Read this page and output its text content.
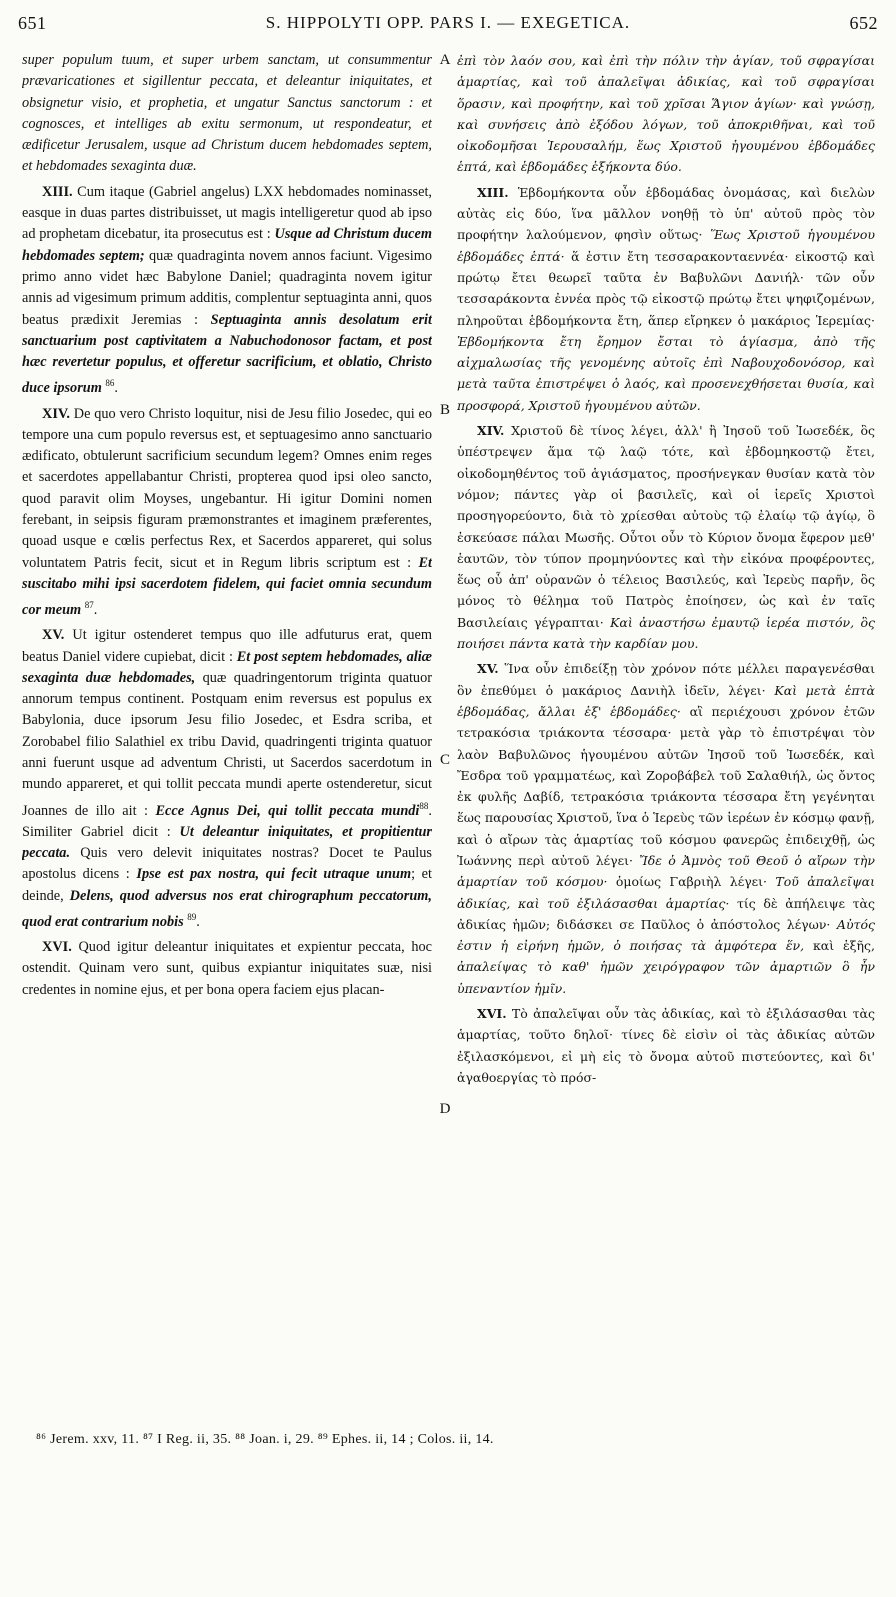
651	S. HIPPOLYTI OPP. PARS I. — EXEGETICA.	652

super populum tuum, et super urbem sanctam, ut consummentur prævaricationes et sigillentur peccata, et deleantur iniquitates, et obsignetur visio, et prophetia, et ungatur Sanctus sanctorum : et cognosces, et intelliges ab exitu sermonum, ut respondeatur, et ædificetur Jerusalem, usque ad Christum ducem hebdomades septem, et hebdomades sexaginta duæ.

XIII. Cum itaque (Gabriel angelus) LXX hebdomades nominasset, easque in duas partes distribuisset, ut magis intelligeretur quod ab ipso ad prophetam dicebatur, ita prosecutus est : Usque ad Christum ducem hebdomades septem; quæ quadraginta novem annos faciunt. Vigesimo primo anno videt hæc Babylone Daniel; quadraginta novem igitur annis ad vigesimum primum additis, complentur septuaginta anni, quos beatus prædixit Jeremias : Septuaginta annis desolatum erit sanctuarium post captivitatem a Nabuchodonosor factam, et post hæc revertetur populus, et offeretur sacrificium, et oblatio, Christo duce ipsorum $^{86}$.

XIV. De quo vero Christo loquitur, nisi de Jesu filio Josedec, qui eo tempore una cum populo reversus est, et septuagesimo anno sanctuario ædificato, obtulerunt sacrificium secundum legem? Omnes enim reges et sacerdotes appellabantur Christi, propterea quod ipsi oleo sancto, quod paravit olim Moyses, ungebantur. Hi igitur Domini nomen ferebant, in seipsis figuram præmonstrantes et imaginem præferentes, quoad usque e cœlis perfectus Rex, et Sacerdos appareret, qui solus voluntatem Patris fecit, sicut et in Regum libris scriptum est : Et suscitabo mihi ipsi sacerdotem fidelem, qui faciet omnia secundum cor meum $^{87}$.

XV. Ut igitur ostenderet tempus quo ille adfuturus erat, quem beatus Daniel videre cupiebat, dicit : Et post septem hebdomades, aliæ sexaginta duæ hebdomades, quæ quadringentorum triginta quatuor annorum tempus continent. Postquam enim reversus est populus ex Babylonia, duce ipsorum Jesu filio Josedec, et Esdra scriba, et Zorobabel filio Salathiel ex tribu David, quadringenti triginta quatuor anni fuerunt usque ad adventum Christi, ut Sacerdos sacerdotum in mundo appareret, et qui tollit peccata mundi aperte ostenderetur, sicut Joannes de illo ait : Ecce Agnus Dei, qui tollit peccata mundi$^{88}$. Similiter Gabriel dicit : Ut deleantur iniquitates, et propitientur peccata. Quis vero delevit iniquitates nostras? Docet te Paulus apostolus dicens : Ipse est pax nostra, qui fecit utraque unum; et deinde, Delens, quod adversus nos erat chirographum peccatorum, quod erat contrarium nobis $^{89}$.

XVI. Quod igitur deleantur iniquitates et expientur peccata, hoc ostendit. Quinam vero sunt, quibus expiantur iniquitates suæ, nisi credentes in nomine ejus, et per bona opera faciem ejus placan-

A
B
C
D

ἐπὶ τὸν λαόν σου, καὶ ἐπὶ τὴν πόλιν τὴν ἁγίαν, τοῦ σφραγίσαι ἁμαρτίας, καὶ τοῦ ἀπαλεῖψαι ἀδικίας, καὶ τοῦ σφραγίσαι ὅρασιν, καὶ προφήτην, καὶ τοῦ χρῖσαι Ἅγιον ἁγίων· καὶ γνώσῃ, καὶ συνήσεις ἀπὸ ἐξόδου λόγων, τοῦ ἀποκριθῆναι, καὶ τοῦ οἰκοδομῆσαι Ἱερουσαλήμ, ἕως Χριστοῦ ἡγουμένου ἑβδομάδες ἑπτά, καὶ ἑβδομάδες ἑξήκοντα δύο.

XIII. Ἑβδομήκοντα οὖν ἑβδομάδας ὀνομάσας, καὶ διελὼν αὐτὰς εἰς δύο, ἵνα μᾶλλον νοηθῇ τὸ ὑπ' αὐτοῦ πρὸς τὸν προφήτην λαλούμενον, φησὶν οὕτως· Ἕως Χριστοῦ ἡγουμένου ἑβδομάδες ἑπτά· ἅ ἐστιν ἔτη τεσσαρακονταεννέα· εἰκοστῷ καὶ πρώτῳ ἔτει θεωρεῖ ταῦτα ἐν Βαβυλῶνι Δανιήλ· τῶν οὖν τεσσαράκοντα ἐννέα πρὸς τῷ εἰκοστῷ πρώτῳ ἔτει ψηφιζομένων, πληροῦται ἑβδομήκοντα ἔτη, ἅπερ εἴρηκεν ὁ μακάριος Ἱερεμίας· Ἑβδομήκοντα ἔτη ἔρημον ἔσται τὸ ἁγίασμα, ἀπὸ τῆς αἰχμαλωσίας τῆς γενομένης αὐτοῖς ἐπὶ Ναβουχοδονόσορ, καὶ μετὰ ταῦτα ἐπιστρέψει ὁ λαός, καὶ προσενεχθήσεται θυσία, καὶ προσφορά, Χριστοῦ ἡγουμένου αὐτῶν.

XIV. Χριστοῦ δὲ τίνος λέγει, ἀλλ' ἢ Ἰησοῦ τοῦ Ἰωσεδέκ, ὃς ὑπέστρεψεν ἅμα τῷ λαῷ τότε, καὶ ἑβδομηκοστῷ ἔτει, οἰκοδομηθέντος τοῦ ἁγιάσματος, προσήνεγκαν θυσίαν κατὰ τὸν νόμον; πάντες γὰρ οἱ βασιλεῖς, καὶ οἱ ἱερεῖς Χριστοὶ προσηγορεύοντο, διὰ τὸ χρίεσθαι αὐτοὺς τῷ ἐλαίῳ τῷ ἁγίῳ, ὃ ἐσκεύασε πάλαι Μωσῆς. Οὗτοι οὖν τὸ Κύριον ὄνομα ἔφερον μεθ' ἑαυτῶν, τὸν τύπον προμηνύοντες καὶ τὴν εἰκόνα προφέροντες, ἕως οὗ ἀπ' οὐρανῶν ὁ τέλειος Βασιλεύς, καὶ Ἱερεὺς παρῆν, ὃς μόνος τὸ θέλημα τοῦ Πατρὸς ἐποίησεν, ὡς καὶ ἐν ταῖς Βασιλείαις γέγραπται· Καὶ ἀναστήσω ἐμαυτῷ ἱερέα πιστόν, ὃς ποιήσει πάντα κατὰ τὴν καρδίαν μου.

XV. Ἵνα οὖν ἐπιδείξῃ τὸν χρόνον πότε μέλλει παραγενέσθαι ὃν ἐπεθύμει ὁ μακάριος Δανιὴλ ἰδεῖν, λέγει· Καὶ μετὰ ἑπτὰ ἑβδομάδας, ἄλλαι ἑξ' ἑβδομάδες· αἳ περιέχουσι χρόνον ἐτῶν τετρακόσια τριάκοντα τέσσαρα· μετὰ γὰρ τὸ ἐπιστρέψαι τὸν λαὸν Βαβυλῶνος ἡγουμένου αὐτῶν Ἰησοῦ τοῦ Ἰωσεδέκ, καὶ Ἔσδρα τοῦ γραμματέως, καὶ Ζοροβάβελ τοῦ Σαλαθιήλ, ὡς ὄντος ἐκ φυλῆς Δαβίδ, τετρακόσια τριάκοντα τέσσαρα ἔτη γεγένηται ἕως παρουσίας Χριστοῦ, ἵνα ὁ Ἱερεὺς τῶν ἱερέων ἐν κόσμῳ φανῇ, καὶ ὁ αἴρων τὰς ἁμαρτίας τοῦ κόσμου φανερῶς ἐπιδειχθῇ, ὡς Ἰωάννης περὶ αὐτοῦ λέγει· Ἴδε ὁ Ἀμνὸς τοῦ Θεοῦ ὁ αἴρων τὴν ἁμαρτίαν τοῦ κόσμου· ὁμοίως Γαβριὴλ λέγει· Τοῦ ἀπαλεῖψαι ἀδικίας, καὶ τοῦ ἐξιλάσασθαι ἁμαρτίας· τίς δὲ ἀπήλειψε τὰς ἀδικίας ἡμῶν; διδάσκει σε Παῦλος ὁ ἀπόστολος λέγων· Αὐτός ἐστιν ἡ εἰρήνη ἡμῶν, ὁ ποιήσας τὰ ἀμφότερα ἕν, καὶ ἑξῆς, ἀπαλείψας τὸ καθ' ἡμῶν χειρόγραφον τῶν ἁμαρτιῶν ὃ ἦν ὑπεναντίον ἡμῖν.

XVI. Τὸ ἀπαλεῖψαι οὖν τὰς ἀδικίας, καὶ τὸ ἐξιλάσασθαι τὰς ἁμαρτίας, τοῦτο δηλοῖ· τίνες δὲ εἰσὶν οἱ τὰς ἀδικίας αὐτῶν ἐξιλασκόμενοι, εἰ μὴ εἰς τὸ ὄνομα αὐτοῦ πιστεύοντες, καὶ δι' ἀγαθοεργίας τὸ πρόσ-

⁸⁶ Jerem. xxv, 11. ⁸⁷ I Reg. ii, 35. ⁸⁸ Joan. i, 29. ⁸⁹ Ephes. ii, 14 ; Colos. ii, 14.
